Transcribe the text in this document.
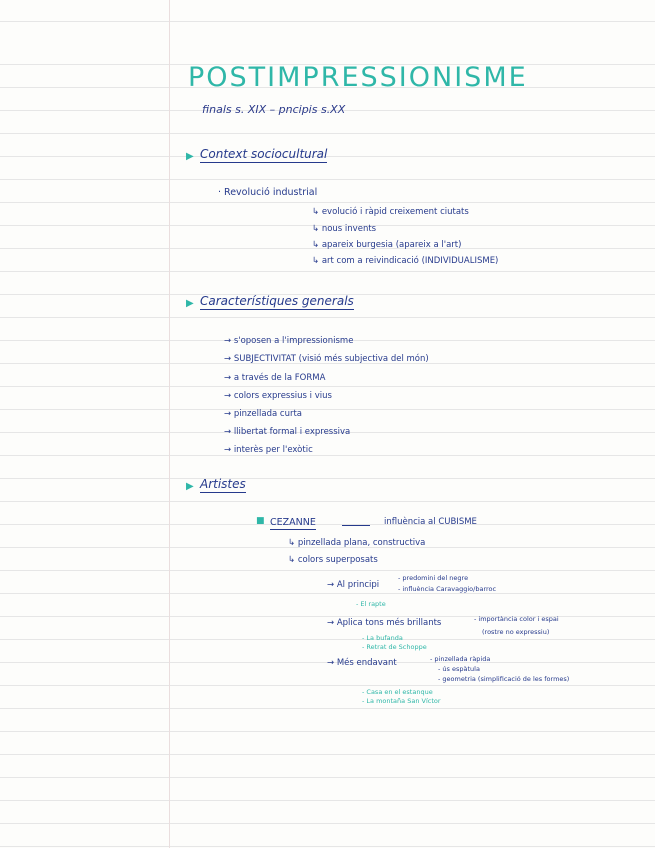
POSTIMPRESSIONISME
finals s. XIX – pncipis s.XX
▶ Context sociocultural
· Revolució industrial
↳ evolució i ràpid creixement ciutats
↳ nous invents
↳ apareix burgesia (apareix a l'art)
↳ art com a reivindicació (INDIVIDUALISME)
▶ Característiques generals
→ s'oposen a l'impressionisme
→ SUBJECTIVITAT (visió més subjectiva del món)
→ a través de la FORMA
→ colors expressius i vius
→ pinzellada curta
→ llibertat formal i expressiva
→ interès per l'exòtic
▶ Artistes
■ CEZANNE	influència al CUBISME
↳ pinzellada plana, constructiva
↳ colors superposats
→ Al principi
- predomini del negre
- influència Caravaggio/barroc
- El rapte
→ Aplica tons més brillants	- importància color i espai
(rostre no expressiu)
- La bufanda
- Retrat de Schoppe
→ Més endavant	- pinzellada ràpida
- ús espàtula
- geometria (simplificació de les formes)
- Casa en el estanque
- La montaña San Víctor
